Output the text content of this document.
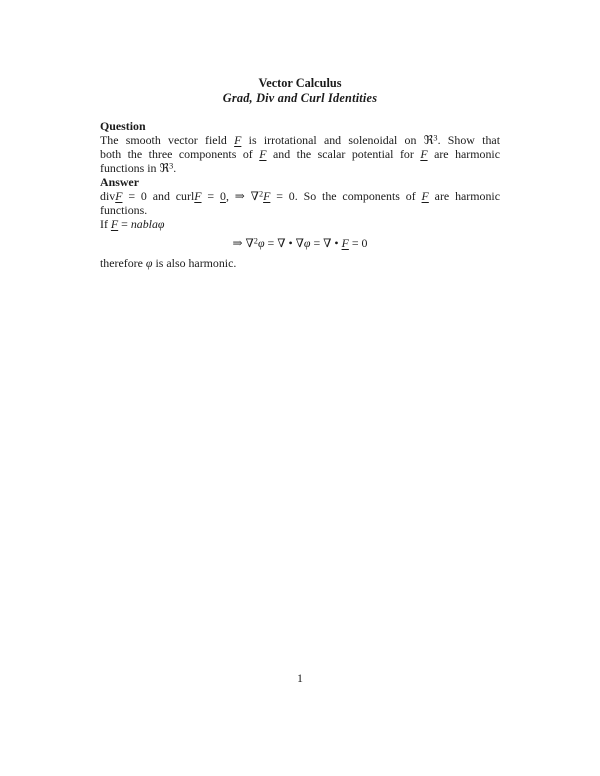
Vector Calculus
Grad, Div and Curl Identities
Question
The smooth vector field F is irrotational and solenoidal on ℜ$^3$. Show that
both the three components of F and the scalar potential for F are harmonic
functions in ℜ$^3$.
Answer
divF = 0 and curlF = 0, ⇒ ∇$^2$F = 0. So the components of F are harmonic
functions.
If F = nablaφ
⇒ ∇$^2$φ = ∇ • ∇φ = ∇ • F = 0
therefore φ is also harmonic.
1
